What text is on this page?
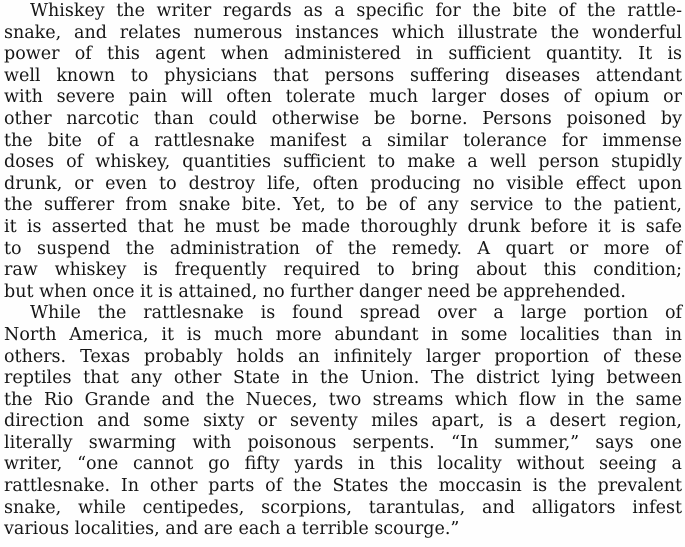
Whiskey the writer regards as a specific for the bite of the rattle-
snake, and relates numerous instances which illustrate the wonderful
power of this agent when administered in sufficient quantity. It is
well known to physicians that persons suffering diseases attendant
with severe pain will often tolerate much larger doses of opium or
other narcotic than could otherwise be borne. Persons poisoned by
the bite of a rattlesnake manifest a similar tolerance for immense
doses of whiskey, quantities sufficient to make a well person stupidly
drunk, or even to destroy life, often producing no visible effect upon
the sufferer from snake bite. Yet, to be of any service to the patient,
it is asserted that he must be made thoroughly drunk before it is safe
to suspend the administration of the remedy. A quart or more of
raw whiskey is frequently required to bring about this condition;
but when once it is attained, no further danger need be apprehended.
While the rattlesnake is found spread over a large portion of
North America, it is much more abundant in some localities than in
others. Texas probably holds an infinitely larger proportion of these
reptiles that any other State in the Union. The district lying between
the Rio Grande and the Nueces, two streams which flow in the same
direction and some sixty or seventy miles apart, is a desert region,
literally swarming with poisonous serpents. “In summer,” says one
writer, “one cannot go fifty yards in this locality without seeing a
rattlesnake. In other parts of the States the moccasin is the prevalent
snake, while centipedes, scorpions, tarantulas, and alligators infest
various localities, and are each a terrible scourge.”
